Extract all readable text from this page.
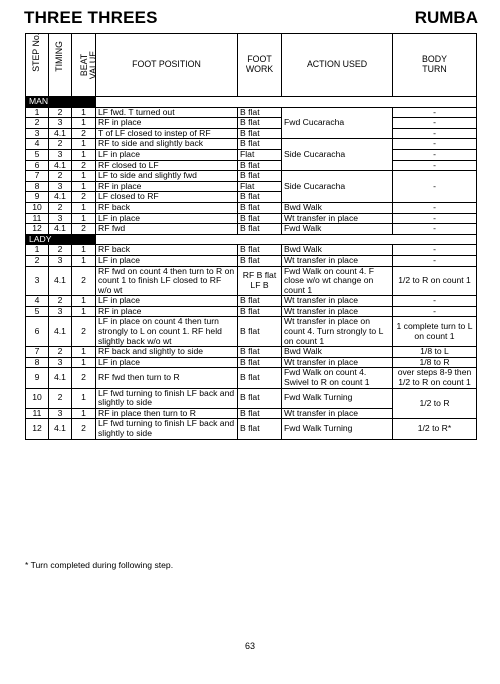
THREE THREES	RUMBA
STEP No.	TIMING	BEAT VALUE	FOOT POSITION	FOOT
WORK	ACTION USED	BODY
TURN
MAN						
1	2	1	LF fwd. T turned out	B flat	Fwd Cucaracha	-
2	3	1	RF in place	B flat		-
3	4.1	2	T of LF closed to instep of RF	B flat		-
4	2	1	RF to side and slightly back	B flat	Side Cucaracha	-
5	3	1	LF in place	Flat		-
6	4.1	2	RF closed to LF	B flat		-
7	2	1	LF to side and slightly fwd	B flat	Side Cucaracha	-
8	3	1	RF in place	Flat		
9	4.1	2	LF closed to RF	B flat		
10	2	1	RF back	B flat	Bwd Walk	-
11	3	1	LF in place	B flat	Wt transfer in place	-
12	4.1	2	RF fwd	B flat	Fwd Walk	-
LADY						
1	2	1	RF back	B flat	Bwd Walk	-
2	3	1	LF in place	B flat	Wt transfer in place	-
3	4.1	2	RF fwd on count 4 then turn to R on count 1 to finish LF closed to RF w/o wt	RF B flat LF B	Fwd Walk on count 4. F close w/o wt change on count 1	1/2 to R on count 1
4	2	1	LF in place	B flat	Wt transfer in place	-
5	3	1	RF in place	B flat	Wt transfer in place	-
6	4.1	2	LF in place on count 4 then turn strongly to L on count 1. RF held slightly back w/o wt	B flat	Wt transfer in place on count 4. Turn strongly to L on count 1	1 complete turn to L on count 1
7	2	1	RF back and slightly to side	B flat	Bwd Walk	1/8 to L
8	3	1	LF in place	B flat	Wt transfer in place	1/8 to R
9	4.1	2	RF fwd then turn to R	B flat	Fwd Walk on count 4. Swivel to R on count 1	over steps 8-9 then 1/2 to R on count 1
10	2	1	LF fwd turning to finish LF back and slightly to side	B flat	Fwd Walk Turning	1/2 to R
11	3	1	RF in place then turn to R	B flat	Wt transfer in place	
12	4.1	2	LF fwd turning to finish LF back and slightly to side	B flat	Fwd Walk Turning	1/2 to R*
* Turn completed during following step.
63
